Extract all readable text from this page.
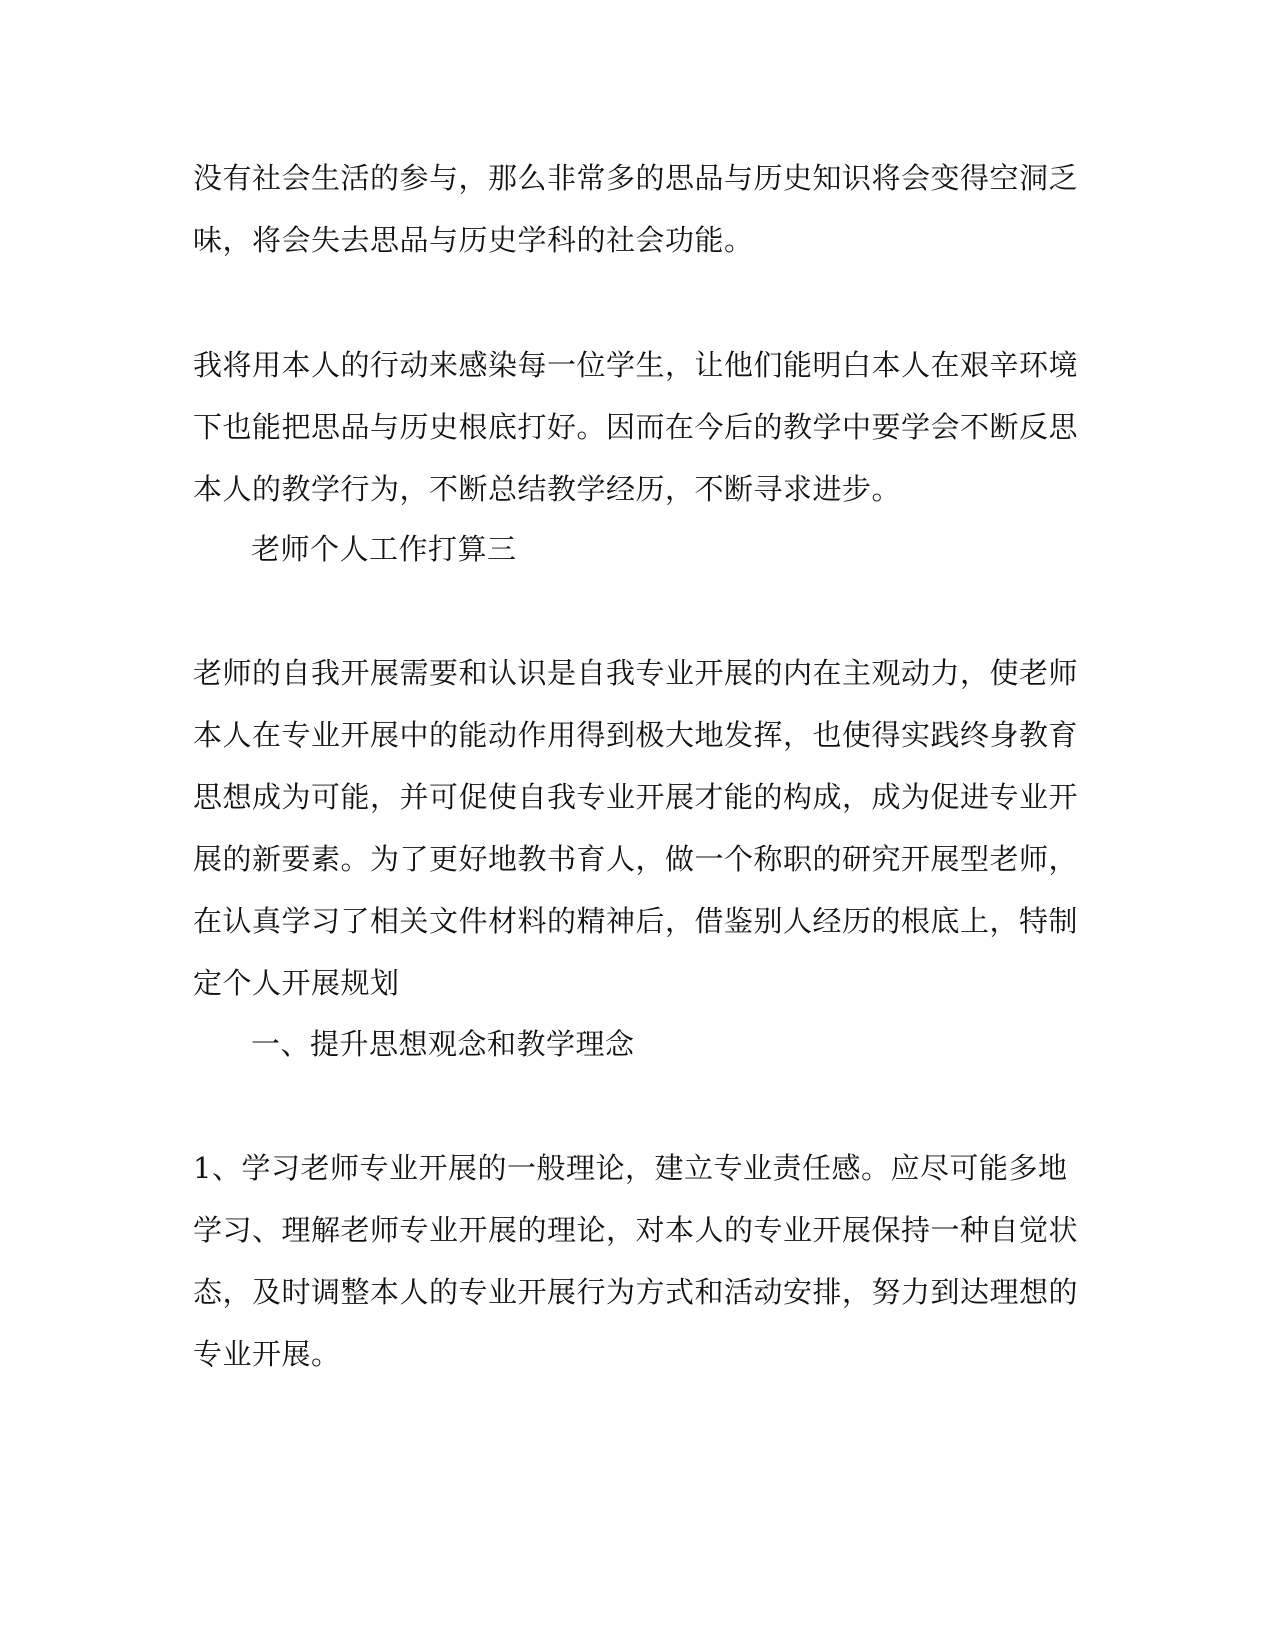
没有社会生活的参与，那么非常多的思品与历史知识将会变得空洞乏
味，将会失去思品与历史学科的社会功能。
我将用本人的行动来感染每一位学生，让他们能明白本人在艰辛环境
下也能把思品与历史根底打好。因而在今后的教学中要学会不断反思
本人的教学行为，不断总结教学经历，不断寻求进步。
老师个人工作打算三
老师的自我开展需要和认识是自我专业开展的内在主观动力，使老师
本人在专业开展中的能动作用得到极大地发挥，也使得实践终身教育
思想成为可能，并可促使自我专业开展才能的构成，成为促进专业开
展的新要素。为了更好地教书育人，做一个称职的研究开展型老师，
在认真学习了相关文件材料的精神后，借鉴别人经历的根底上，特制
定个人开展规划
一、提升思想观念和教学理念
1、学习老师专业开展的一般理论，建立专业责任感。应尽可能多地
学习、理解老师专业开展的理论，对本人的专业开展保持一种自觉状
态，及时调整本人的专业开展行为方式和活动安排，努力到达理想的
专业开展。
